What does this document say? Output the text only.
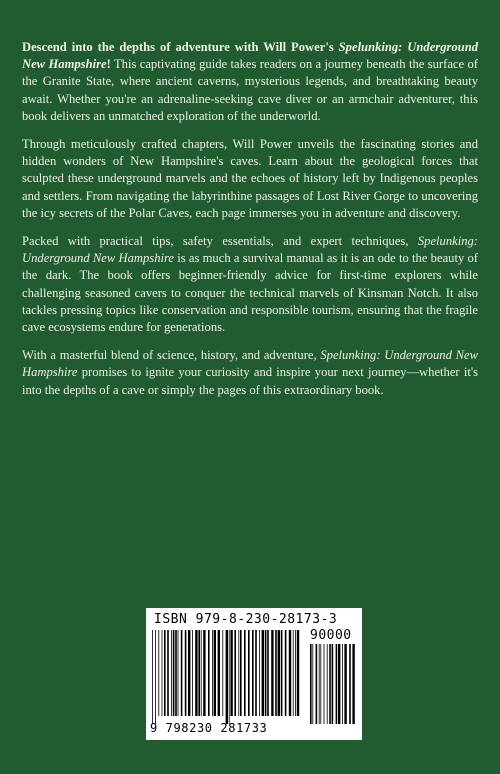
Descend into the depths of adventure with Will Power's Spelunking: Underground New Hampshire! This captivating guide takes readers on a journey beneath the surface of the Granite State, where ancient caverns, mysterious legends, and breathtaking beauty await. Whether you're an adrenaline-seeking cave diver or an armchair adventurer, this book delivers an unmatched exploration of the underworld.

Through meticulously crafted chapters, Will Power unveils the fascinating stories and hidden wonders of New Hampshire's caves. Learn about the geological forces that sculpted these underground marvels and the echoes of history left by Indigenous peoples and settlers. From navigating the labyrinthine passages of Lost River Gorge to uncovering the icy secrets of the Polar Caves, each page immerses you in adventure and discovery.

Packed with practical tips, safety essentials, and expert techniques, Spelunking: Underground New Hampshire is as much a survival manual as it is an ode to the beauty of the dark. The book offers beginner-friendly advice for first-time explorers while challenging seasoned cavers to conquer the technical marvels of Kinsman Notch. It also tackles pressing topics like conservation and responsible tourism, ensuring that the fragile cave ecosystems endure for generations.

With a masterful blend of science, history, and adventure, Spelunking: Underground New Hampshire promises to ignite your curiosity and inspire your next journey—whether it's into the depths of a cave or simply the pages of this extraordinary book.

ISBN 979-8-230-28173-3
90000
9 798230 281733
